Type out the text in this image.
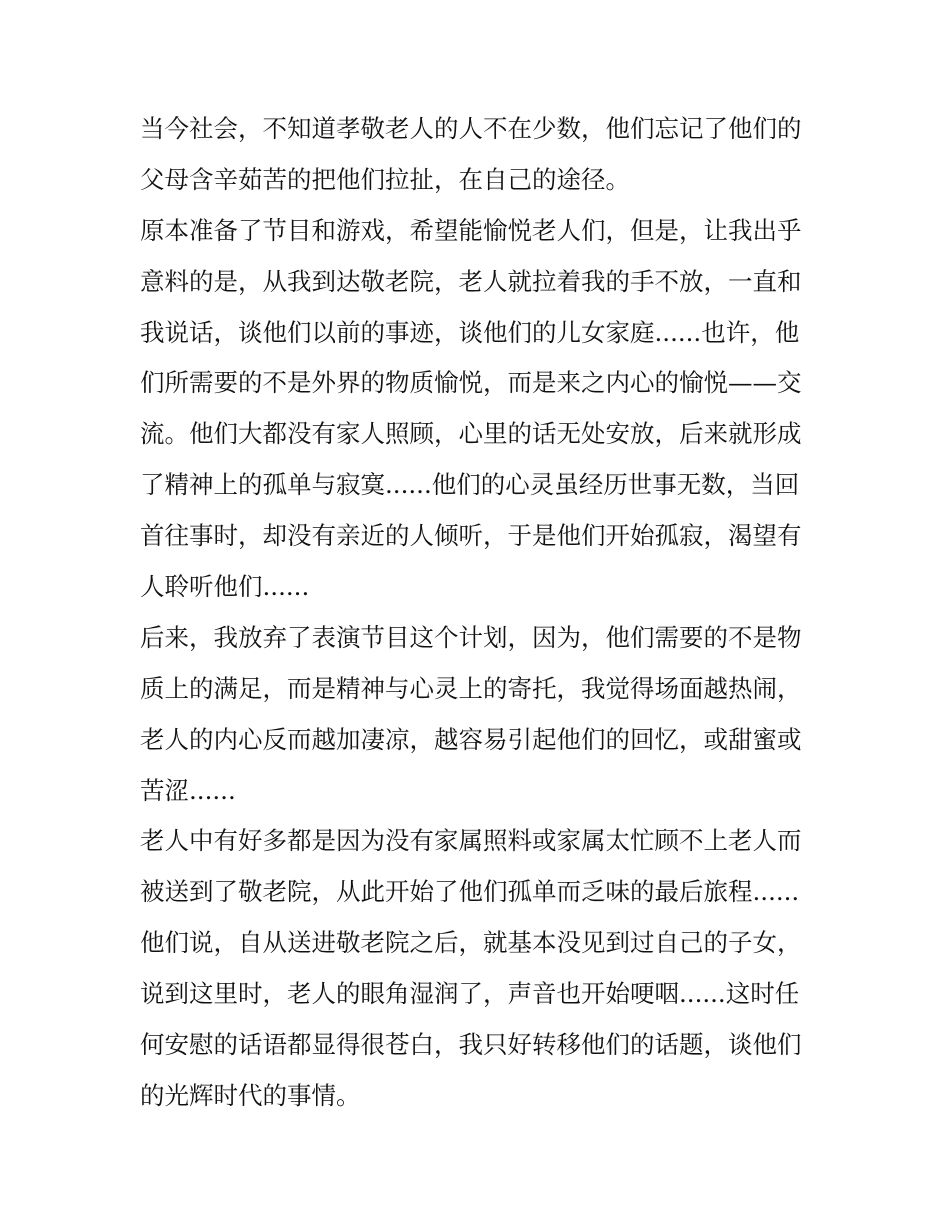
当今社会，不知道孝敬老人的人不在少数，他们忘记了他们的
父母含辛茹苦的把他们拉扯，在自己的途径。

原本准备了节目和游戏，希望能愉悦老人们，但是，让我出乎
意料的是，从我到达敬老院，老人就拉着我的手不放，一直和
我说话，谈他们以前的事迹，谈他们的儿女家庭......也许，他
们所需要的不是外界的物质愉悦，而是来之内心的愉悦——交
流。他们大都没有家人照顾，心里的话无处安放，后来就形成
了精神上的孤单与寂寞......他们的心灵虽经历世事无数，当回
首往事时，却没有亲近的人倾听，于是他们开始孤寂，渴望有
人聆听他们......

后来，我放弃了表演节目这个计划，因为，他们需要的不是物
质上的满足，而是精神与心灵上的寄托，我觉得场面越热闹，
老人的内心反而越加凄凉，越容易引起他们的回忆，或甜蜜或
苦涩......

老人中有好多都是因为没有家属照料或家属太忙顾不上老人而
被送到了敬老院，从此开始了他们孤单而乏味的最后旅程......
他们说，自从送进敬老院之后，就基本没见到过自己的子女，
说到这里时，老人的眼角湿润了，声音也开始哽咽......这时任
何安慰的话语都显得很苍白，我只好转移他们的话题，谈他们
的光辉时代的事情。
